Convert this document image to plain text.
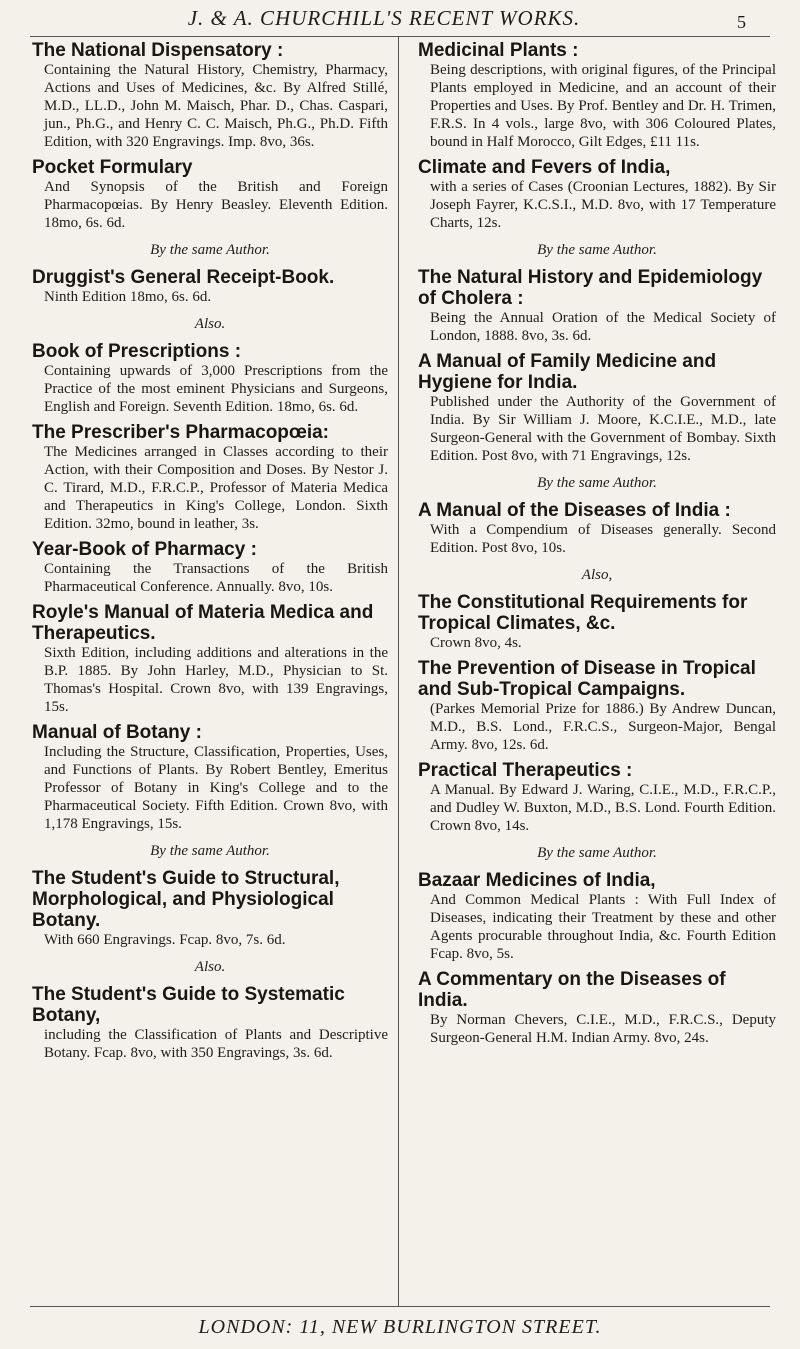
J. & A. CHURCHILL'S RECENT WORKS.	5
The National Dispensatory :
Containing the Natural History, Chemistry, Pharmacy, Actions and Uses of Medicines, &c. By Alfred Stillé, M.D., LL.D., John M. Maisch, Phar. D., Chas. Caspari, jun., Ph.G., and Henry C. C. Maisch, Ph.G., Ph.D. Fifth Edition, with 320 Engravings. Imp. 8vo, 36s.
Pocket Formulary
And Synopsis of the British and Foreign Pharmacopœias. By Henry Beasley. Eleventh Edition. 18mo, 6s. 6d.
By the same Author.
Druggist's General Receipt-Book.
Ninth Edition 18mo, 6s. 6d.
Also.
Book of Prescriptions :
Containing upwards of 3,000 Prescriptions from the Practice of the most eminent Physicians and Surgeons, English and Foreign. Seventh Edition. 18mo, 6s. 6d.
The Prescriber's Pharmacopœia:
The Medicines arranged in Classes according to their Action, with their Composition and Doses. By Nestor J. C. Tirard, M.D., F.R.C.P., Professor of Materia Medica and Therapeutics in King's College, London. Sixth Edition. 32mo, bound in leather, 3s.
Year-Book of Pharmacy :
Containing the Transactions of the British Pharmaceutical Conference. Annually. 8vo, 10s.
Royle's Manual of Materia Medica and Therapeutics.
Sixth Edition, including additions and alterations in the B.P. 1885. By John Harley, M.D., Physician to St. Thomas's Hospital. Crown 8vo, with 139 Engravings, 15s.
Manual of Botany :
Including the Structure, Classification, Properties, Uses, and Functions of Plants. By Robert Bentley, Emeritus Professor of Botany in King's College and to the Pharmaceutical Society. Fifth Edition. Crown 8vo, with 1,178 Engravings, 15s.
By the same Author.
The Student's Guide to Structural, Morphological, and Physiological Botany.
With 660 Engravings. Fcap. 8vo, 7s. 6d.
Also.
The Student's Guide to Systematic Botany,
including the Classification of Plants and Descriptive Botany. Fcap. 8vo, with 350 Engravings, 3s. 6d.
Medicinal Plants :
Being descriptions, with original figures, of the Principal Plants employed in Medicine, and an account of their Properties and Uses. By Prof. Bentley and Dr. H. Trimen, F.R.S. In 4 vols., large 8vo, with 306 Coloured Plates, bound in Half Morocco, Gilt Edges, £11 11s.
Climate and Fevers of India,
with a series of Cases (Croonian Lectures, 1882). By Sir Joseph Fayrer, K.C.S.I., M.D. 8vo, with 17 Temperature Charts, 12s.
By the same Author.
The Natural History and Epidemiology of Cholera :
Being the Annual Oration of the Medical Society of London, 1888. 8vo, 3s. 6d.
A Manual of Family Medicine and Hygiene for India.
Published under the Authority of the Government of India. By Sir William J. Moore, K.C.I.E., M.D., late Surgeon-General with the Government of Bombay. Sixth Edition. Post 8vo, with 71 Engravings, 12s.
By the same Author.
A Manual of the Diseases of India :
With a Compendium of Diseases generally. Second Edition. Post 8vo, 10s.
Also,
The Constitutional Requirements for Tropical Climates, &c.
Crown 8vo, 4s.
The Prevention of Disease in Tropical and Sub-Tropical Campaigns.
(Parkes Memorial Prize for 1886.) By Andrew Duncan, M.D., B.S. Lond., F.R.C.S., Surgeon-Major, Bengal Army. 8vo, 12s. 6d.
Practical Therapeutics :
A Manual. By Edward J. Waring, C.I.E., M.D., F.R.C.P., and Dudley W. Buxton, M.D., B.S. Lond. Fourth Edition. Crown 8vo, 14s.
By the same Author.
Bazaar Medicines of India,
And Common Medical Plants : With Full Index of Diseases, indicating their Treatment by these and other Agents procurable throughout India, &c. Fourth Edition Fcap. 8vo, 5s.
A Commentary on the Diseases of India.
By Norman Chevers, C.I.E., M.D., F.R.C.S., Deputy Surgeon-General H.M. Indian Army. 8vo, 24s.
LONDON: 11, NEW BURLINGTON STREET.
